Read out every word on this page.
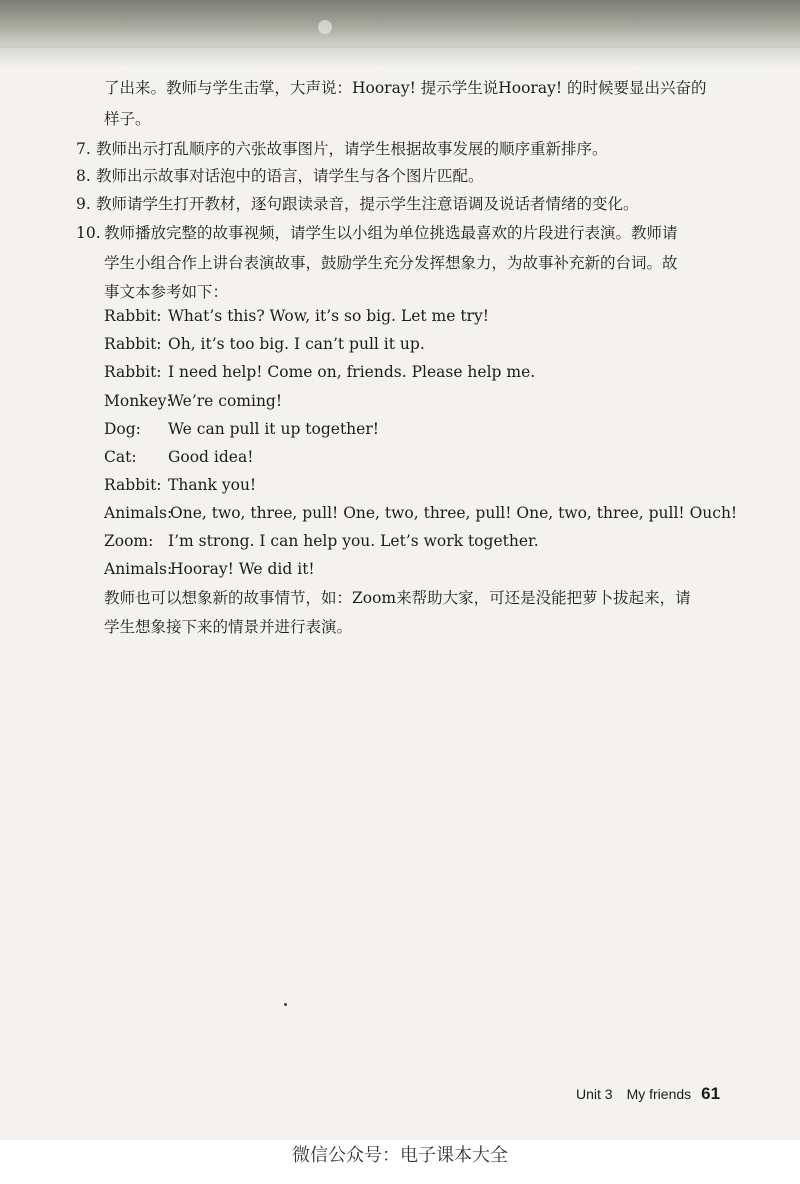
了出来。教师与学生击掌，大声说：Hooray! 提示学生说Hooray! 的时候要显出兴奋的
样子。
7. 教师出示打乱顺序的六张故事图片，请学生根据故事发展的顺序重新排序。
8. 教师出示故事对话泡中的语言，请学生与各个图片匹配。
9. 教师请学生打开教材，逐句跟读录音，提示学生注意语调及说话者情绪的变化。
10. 教师播放完整的故事视频，请学生以小组为单位挑选最喜欢的片段进行表演。教师请
学生小组合作上讲台表演故事，鼓励学生充分发挥想象力，为故事补充新的台词。故
事文本参考如下：
Rabbit: What’s this? Wow, it’s so big. Let me try!
Rabbit: Oh, it’s too big. I can’t pull it up.
Rabbit: I need help! Come on, friends. Please help me.
Monkey:
We’re coming!
Dog: We can pull it up together!
Cat: Good idea!
Rabbit: Thank you!
Animals:
One, two, three, pull! One, two, three, pull! One, two, three, pull! Ouch!
Zoom: I’m strong. I can help you. Let’s work together.
Animals:
Hooray! We did it!
教师也可以想象新的故事情节，如：Zoom来帮助大家，可还是没能把萝卜拔起来，请
学生想象接下来的情景并进行表演。
Unit 3 My friends 61
微信公众号：电子课本大全
